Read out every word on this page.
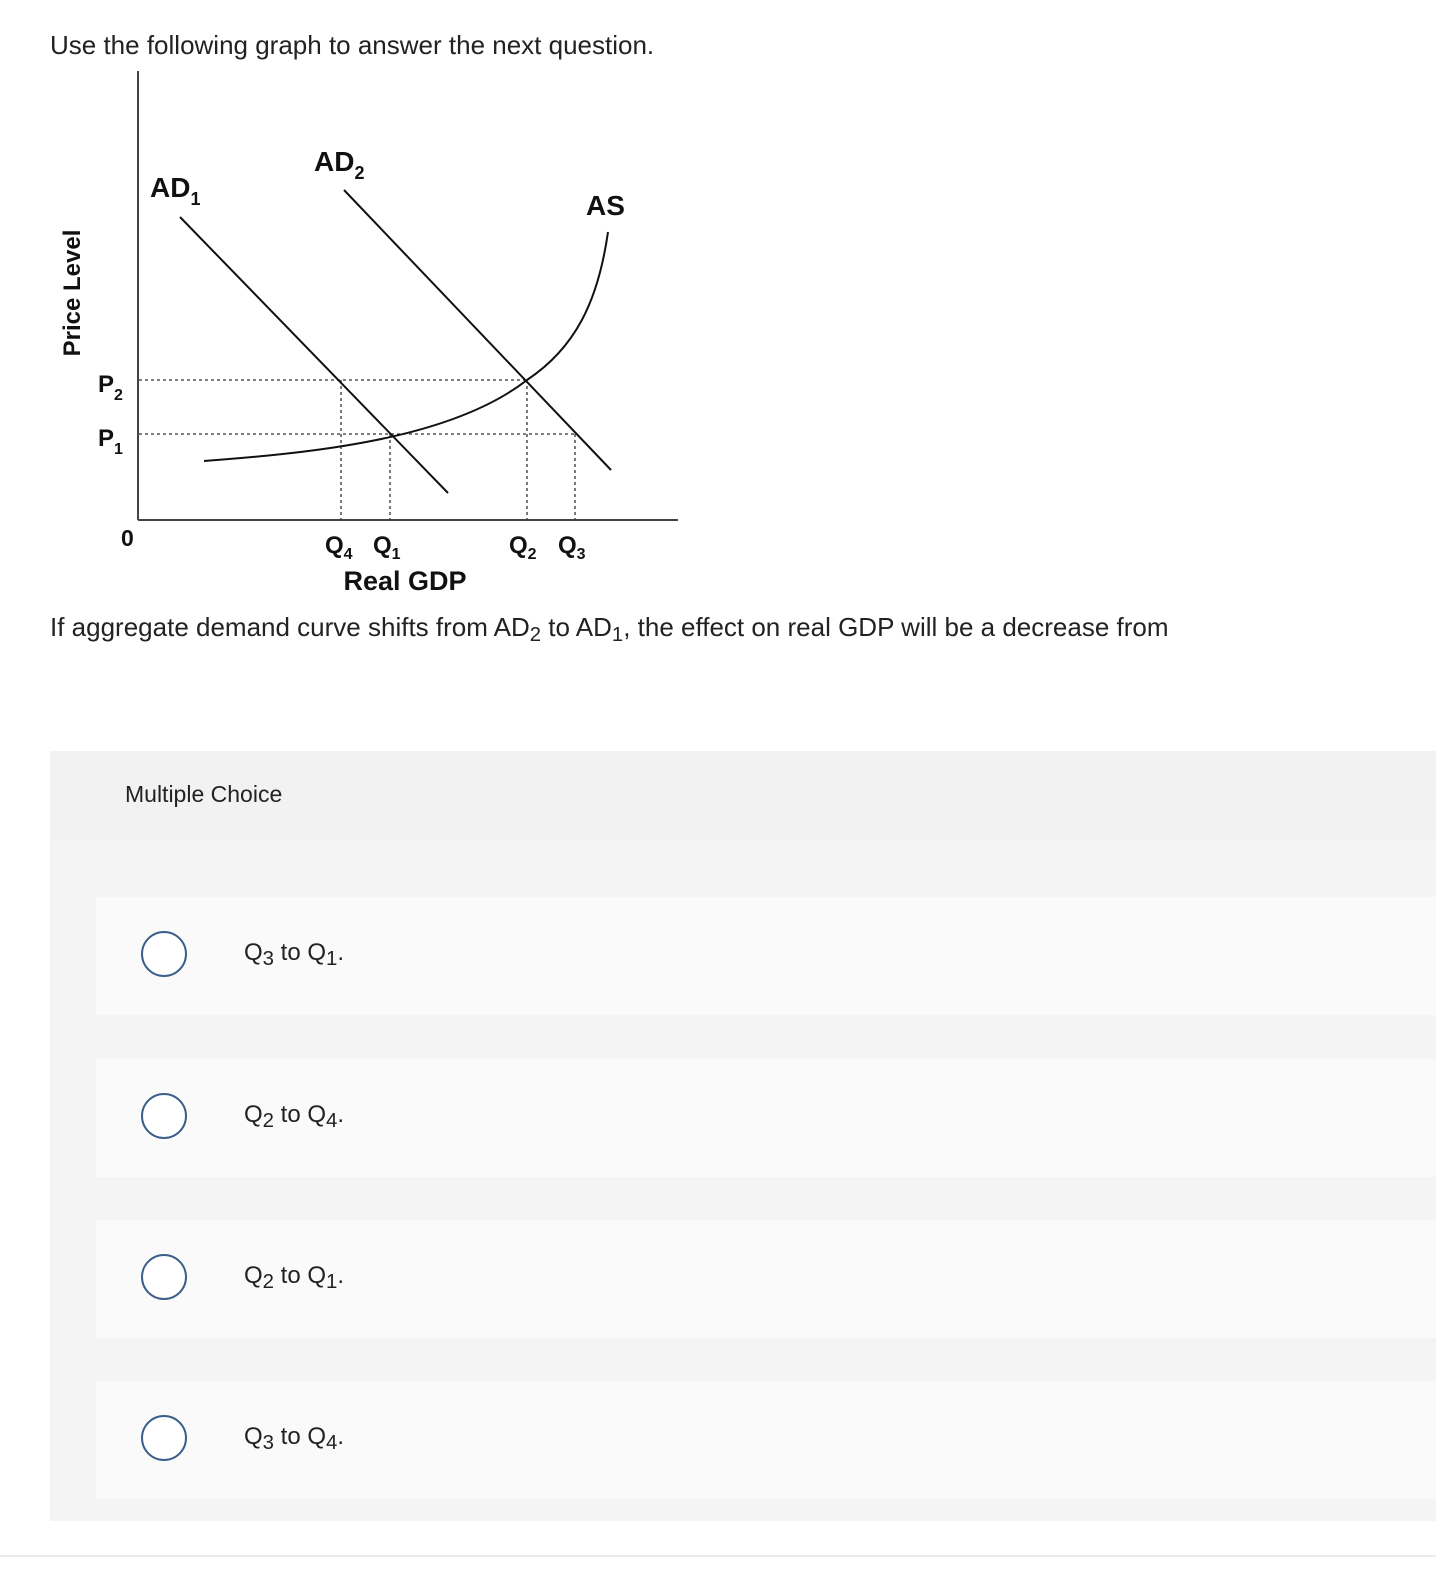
Use the following graph to answer the next question.
Price Level
Real GDP
0
$P_2$
$P_1$
$Q_4$ $Q_1$	$Q_2$ $Q_3$
$AD_1$
$AD_2$
AS

If aggregate demand curve shifts from $AD_2$ to $AD_1$, the effect on real GDP will be a decrease from

Multiple Choice
$Q_3$ to $Q_1$.
$Q_2$ to $Q_4$.
$Q_2$ to $Q_1$.
$Q_3$ to $Q_4$.
